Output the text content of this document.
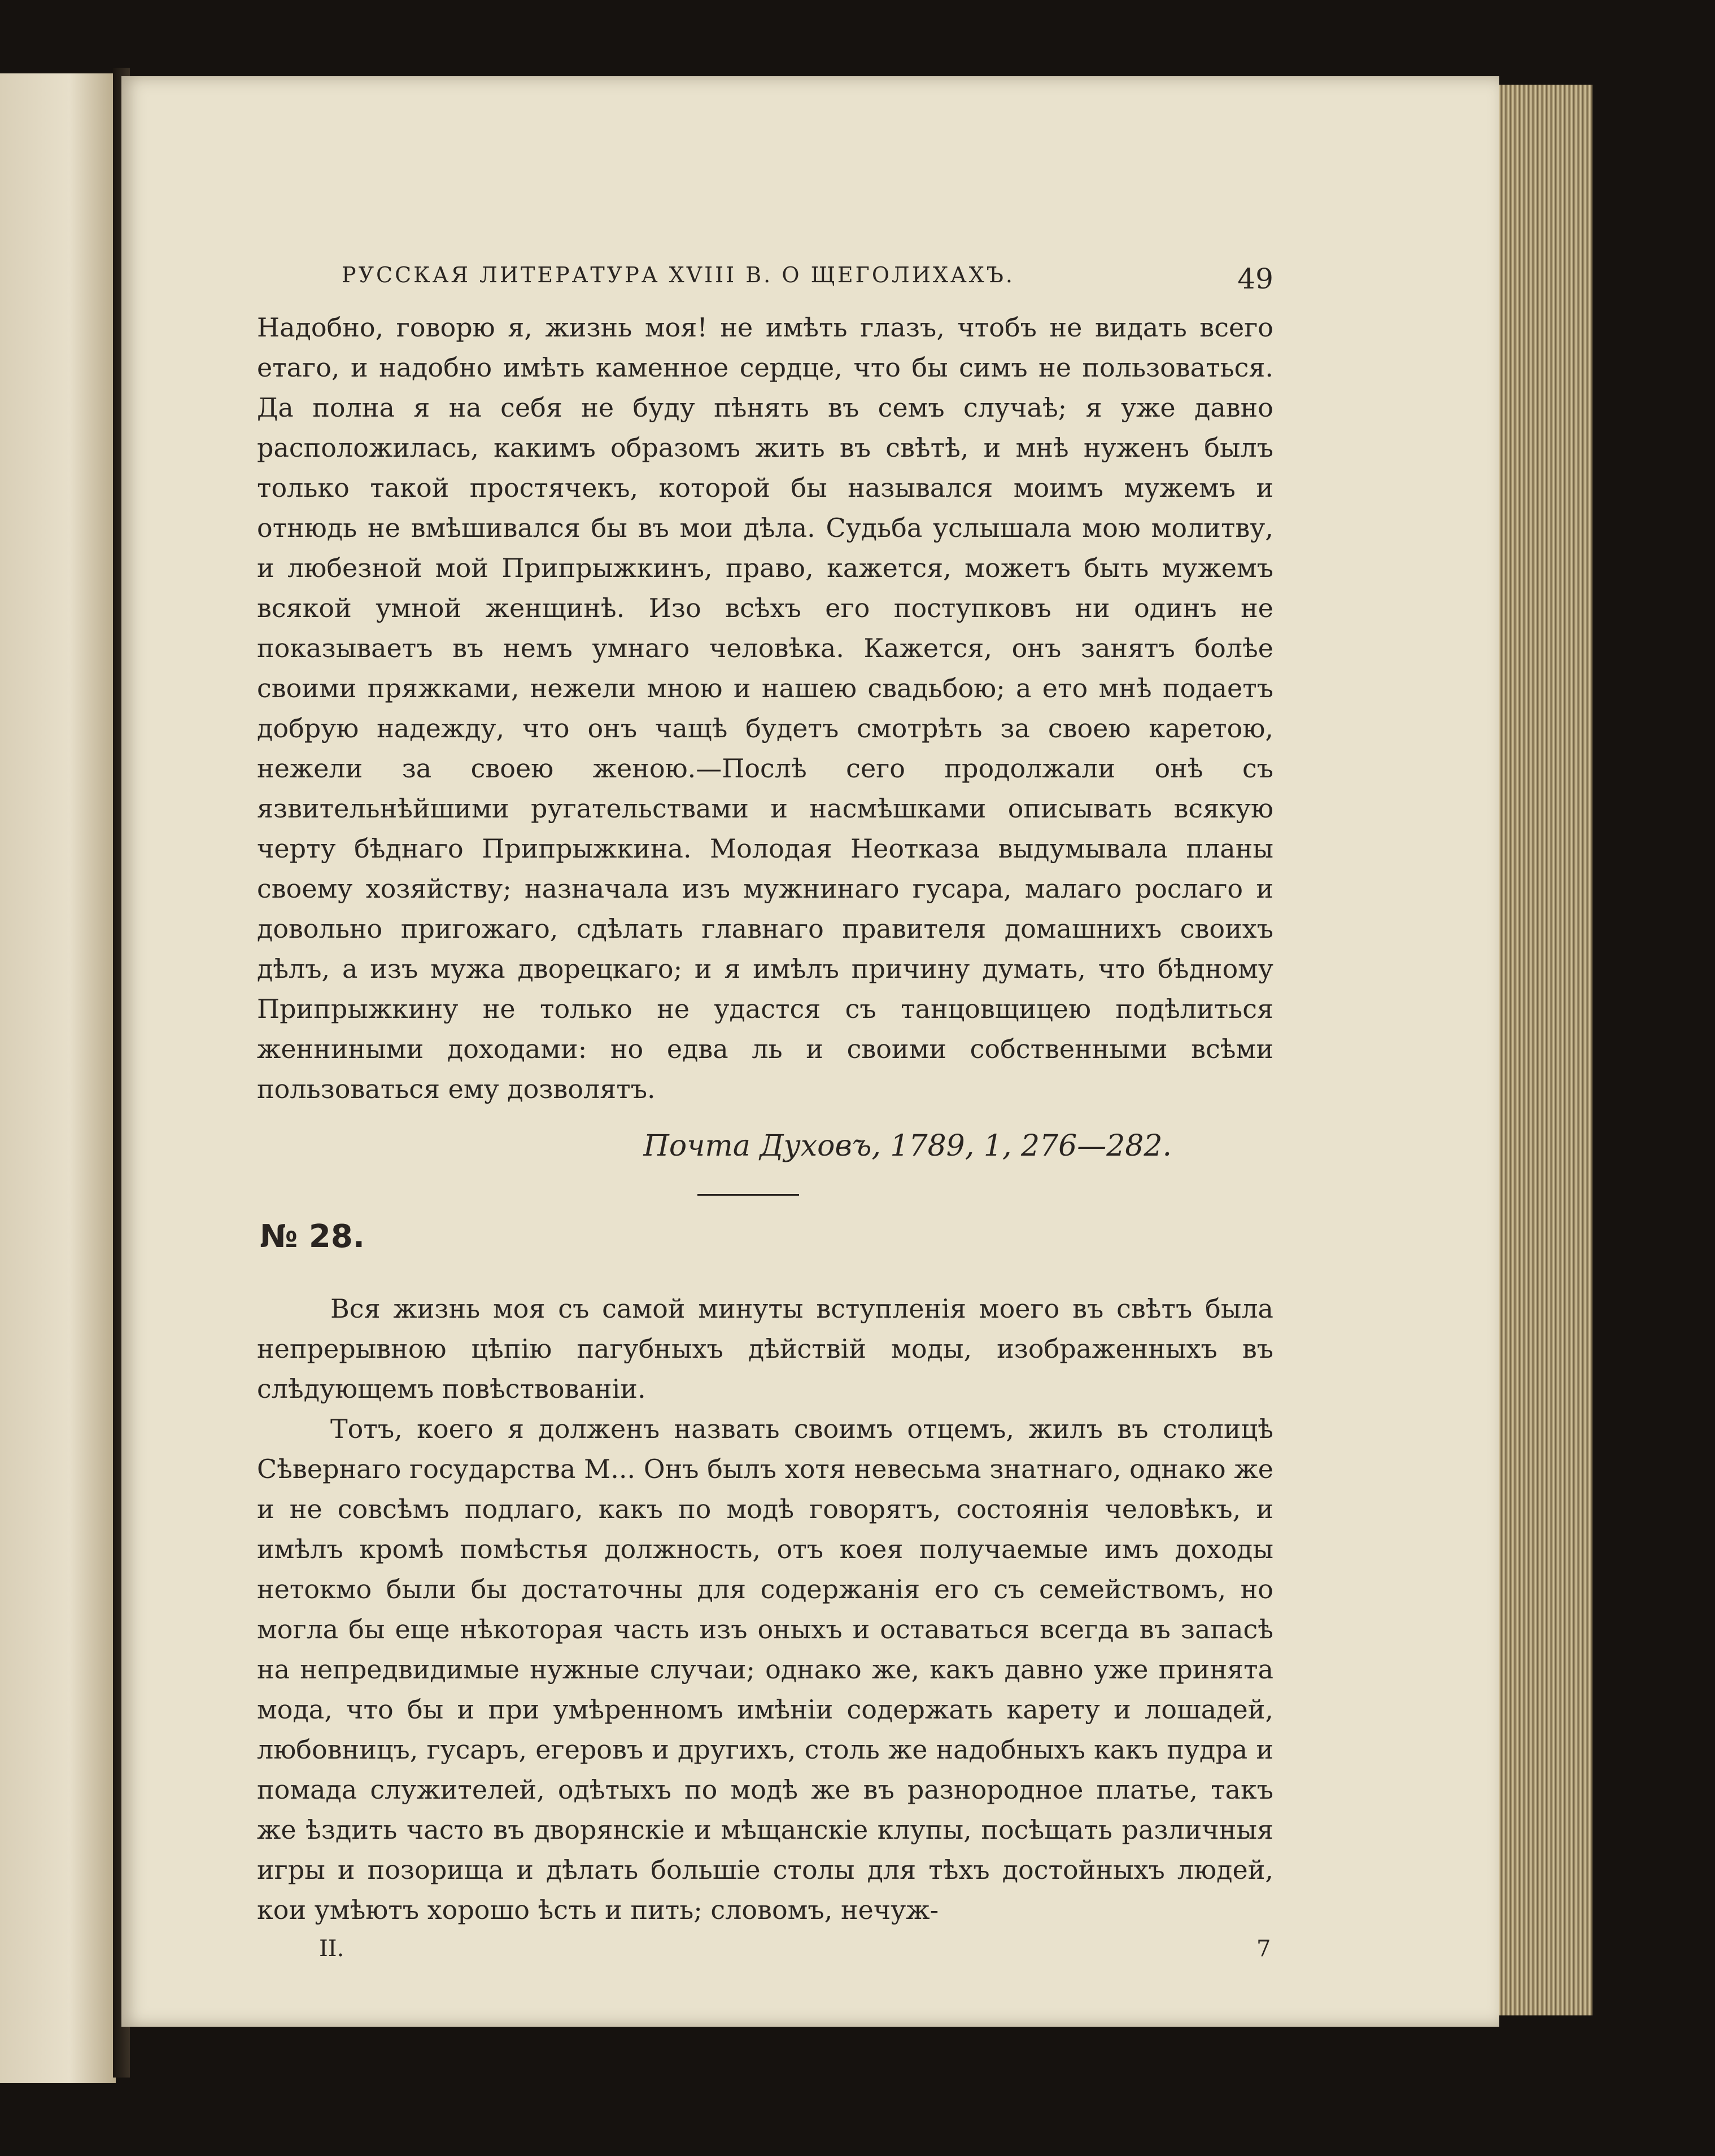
РУССКАЯ ЛИТЕРАТУРА XVIII В. О ЩЕГОЛИХАХЪ.	49

Надобно, говорю я, жизнь моя! не имѣть глазъ, чтобъ не видать всего етаго, и надобно имѣть каменное сердце, что бы симъ не пользоваться. Да полна я на себя не буду пѣнять въ семъ случаѣ; я уже давно расположилась, какимъ образомъ жить въ свѣтѣ, и мнѣ нуженъ былъ только такой простячекъ, которой бы назывался моимъ мужемъ и отнюдь не вмѣшивался бы въ мои дѣла. Судьба услышала мою молитву, и любезной мой Припрыжкинъ, право, кажется, можетъ быть мужемъ всякой умной женщинѣ. Изо всѣхъ его поступковъ ни одинъ не показываетъ въ немъ умнаго человѣка. Кажется, онъ занятъ болѣе своими пряжками, нежели мною и нашею свадьбою; а ето мнѣ подаетъ добрую надежду, что онъ чащѣ будетъ смотрѣть за своею каретою, нежели за своею женою.—Послѣ сего продолжали онѣ съ язвительнѣйшими ругательствами и насмѣшками описывать всякую черту бѣднаго Припрыжкина. Молодая Неотказа выдумывала планы своему хозяйству; назначала изъ мужнинаго гусара, малаго рослаго и довольно пригожаго, сдѣлать главнаго правителя домашнихъ своихъ дѣлъ, а изъ мужа дворецкаго; и я имѣлъ причину думать, что бѣдному Припрыжкину не только не удастся съ танцовщицею подѣлиться женниными доходами: но едва ль и своими собственными всѣми пользоваться ему дозволятъ.

Почта Духовъ, 1789, 1, 276—282.
№ 28.

Вся жизнь моя съ самой минуты вступленія моего въ свѣтъ была непрерывною цѣпію пагубныхъ дѣйствій моды, изображенныхъ въ слѣдующемъ повѣствованіи.

Тотъ, коего я долженъ назвать своимъ отцемъ, жилъ въ столицѣ Сѣвернаго государства М... Онъ былъ хотя невесьма знатнаго, однако же и не совсѣмъ подлаго, какъ по модѣ говорятъ, состоянія человѣкъ, и имѣлъ кромѣ помѣстья должность, отъ коея получаемые имъ доходы нетокмо были бы достаточны для содержанія его съ семействомъ, но могла бы еще нѣкоторая часть изъ оныхъ и оставаться всегда въ запасѣ на непредвидимые нужные случаи; однако же, какъ давно уже принята мода, что бы и при умѣренномъ имѣніи содержать карету и лошадей, любовницъ, гусаръ, егеровъ и другихъ, столь же надобныхъ какъ пудра и помада служителей, одѣтыхъ по модѣ же въ разнородное платье, такъ же ѣздить часто въ дворянскіе и мѣщанскіе клупы, посѣщать различныя игры и позорища и дѣлать большіе столы для тѣхъ достойныхъ людей, кои умѣютъ хорошо ѣсть и пить; словомъ, нечуж-

II.	7
